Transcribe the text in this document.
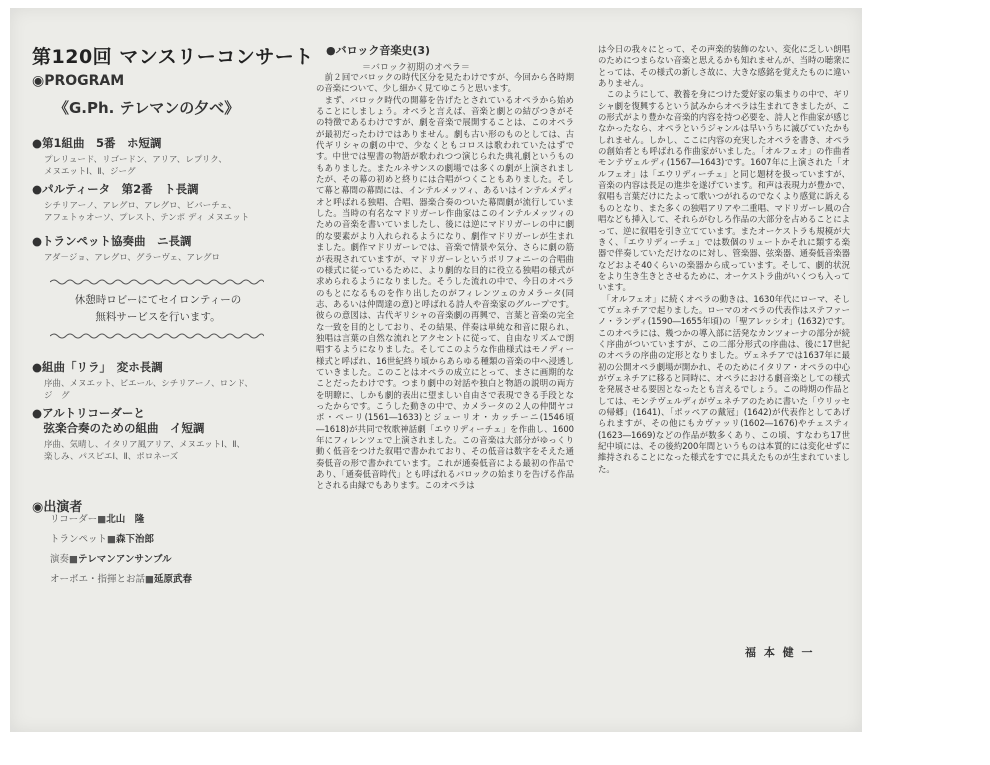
第120回 マンスリーコンサート
◉PROGRAM
《G.Ph. テレマンの夕べ》
●第1組曲　5番　ホ短調
プレリュード、リゴードン、アリア、レプリク、
メヌエットⅠ、Ⅱ、ジーグ
●パルティータ　第2番　ト長調
シチリアーノ、アレグロ、アレグロ、ビバーチェ、
アフェトゥオーソ、プレスト、テンポ ディ メヌエット
●トランペット協奏曲　ニ長調
アダ－ジョ、アレグロ、グラーヴェ、アレグロ
休憩時ロビーにてセイロンティーの
無料サービスを行います。
●組曲「リラ」　変ホ長調
序曲、メヌエット、ビエール、シチリアーノ、ロンド、
ジ　グ
●アルトリコーダーと
　弦楽合奏のための組曲　イ短調
序曲、気晴し、イタリア風アリア、メヌエットⅠ、Ⅱ、
楽しみ、パスピエⅠ、Ⅱ、ポロネーズ
◉出演者
リコーダー■北山　隆
トランペット■森下治郎
演奏■テレマンアンサンブル
オーボエ・指揮とお話■延原武春
●バロック音楽史(3)
＝バロック初期のオペラ＝
　前２回でバロックの時代区分を見たわけですが、今回から各時期の音楽について、少し細かく見てゆこうと思います。
　まず、バロック時代の開幕を告げたとされているオペラから始めることにしましょう。オペラと言えば、音楽と劇との結びつきがその特徴であるわけですが、劇を音楽で展開することは、このオペラが最初だったわけではありません。劇も古い形のものとしては、古代ギリシャの劇の中で、少なくともコロスは歌われていたはずです。中世では聖書の物語が歌われつつ演じられた典礼劇というものもありました。またルネサンスの劇場では多くの劇が上演されましたが、その幕の初めと終りには合唱がつくこともありました。そして幕と幕間の幕間には、インテルメッツィ、あるいはインテルメディオと呼ばれる独唱、合唱、器楽合奏のついた幕間劇が流行していました。当時の有名なマドリガーレ作曲家はこのインテルメッツィのための音楽を書いていましたし、後には逆にマドリガーレの中に劇的な要素がより入れられるようになり、劇作マドリガーレが生まれました。劇作マドリガーレでは、音楽で情景や気分、さらに劇の筋が表現されていますが、マドリガーレというポリフォニーの合唱曲の様式に従っているために、より劇的な目的に役立る独唱の様式が求められるようになりました。そうした流れの中で、今日のオペラのもとになるものを作り出したのがフィレンツェのカメラータ(同志、あるいは仲間達の意)と呼ばれる詩人や音楽家のグループです。彼らの意図は、古代ギリシャの音楽劇の再興で、言葉と音楽の完全な一致を目的としており、その結果、伴奏は単純な和音に限られ、独唱は言葉の自然な流れとアクセントに従って、自由なリズムで朗唱するようになりました。そしてこのような作曲様式はモノディー様式と呼ばれ、16世紀終り頃からあらゆる種類の音楽の中へ浸透していきました。このことはオペラの成立にとって、まさに画期的なことだったわけです。つまり劇中の対話や独白と物語の説明の両方を明瞭に、しかも劇的表出に望ましい自由さで表現できる手段となったからです。こうした動きの中で、カメラータの２人の仲間ヤコポ・ペーリ(1561―1633)とジューリオ・カッチーニ(1546頃―1618)が共同で牧歌神話劇「エウリディーチェ」を作曲し、1600年にフィレンツェで上演されました。この音楽は大部分がゆっくり動く低音をつけた叙唱で書かれており、その低音は数字をそえた通奏低音の形で書かれています。これが通奏低音による最初の作品であり、「通奏低音時代」とも呼ばれるバロックの始まりを告げる作品とされる由縁でもあります。このオペラは
は今日の我々にとって、その声楽的装飾のない、変化に乏しい朗唱のためにつまらない音楽と思えるかも知れませんが、当時の聴衆にとっては、その様式の新しさ故に、大きな感銘を覚えたものに違いありません。
　このようにして、教養を身につけた愛好家の集まりの中で、ギリシャ劇を復興するという試みからオペラは生まれてきましたが、この形式がより豊かな音楽的内容を持つ必要を、詩人と作曲家が感じなかったなら、オペラというジャンルは早いうちに滅びていたかもしれません。しかし、ここに内容の充実したオペラを書き、オペラの創始者とも呼ばれる作曲家がいました。「オルフェオ」の作曲者モンテヴェルディ(1567―1643)です。1607年に上演された「オルフェオ」は「エウリディーチェ」と同じ題材を扱っていますが、音楽の内容は長足の進歩を遂げています。和声は表現力が豊かで、叙唱も言葉だけにたよって歌いつがれるのでなくより感覚に訴えるものとなり、また多くの独唱アリアや二重唱、マドリガーレ風の合唱なども挿入して、それらがむしろ作品の大部分を占めることによって、逆に叙唱を引き立てています。またオーケストラも規模が大きく、「エウリディーチェ」では数個のリュートかそれに類する楽器で伴奏していただけなのに対し、管楽器、弦楽器、通奏低音楽器などおよそ40くらいの楽器から成っています。そして、劇的状況をより生き生きとさせるために、オーケストラ曲がいくつも入っています。
　「オルフェオ」に続くオペラの動きは、1630年代にローマ、そしてヴェネチアで起りました。ローマのオペラの代表作はステファーノ・ランディ(1590―1655年頃)の「聖アレッシオ」(1632)です。このオペラには、幾つかの導入部に活発なカンツォーナの部分が続く序曲がついていますが、この二部分形式の序曲は、後に17世紀のオペラの序曲の定形となりました。ヴェネチアでは1637年に最初の公開オペラ劇場が開かれ、そのためにイタリア・オペラの中心がヴェネチアに移ると同時に、オペラにおける劇音楽としての様式を発展させる要因となったとも言えるでしょう。この時期の作品としては、モンテヴェルディがヴェネチアのために書いた「ウリッセの帰郷」(1641)、「ポッペアの戴冠」(1642)が代表作としてあげられますが、その他にもカヴァッリ(1602―1676)やチェスティ(1623―1669)などの作品が数多くあり、この頃、すなわち17世紀中頃には、その後約200年間というものは本質的には変化せずに維持されることになった様式をすでに具えたものが生まれていました。
福 本 健 一
